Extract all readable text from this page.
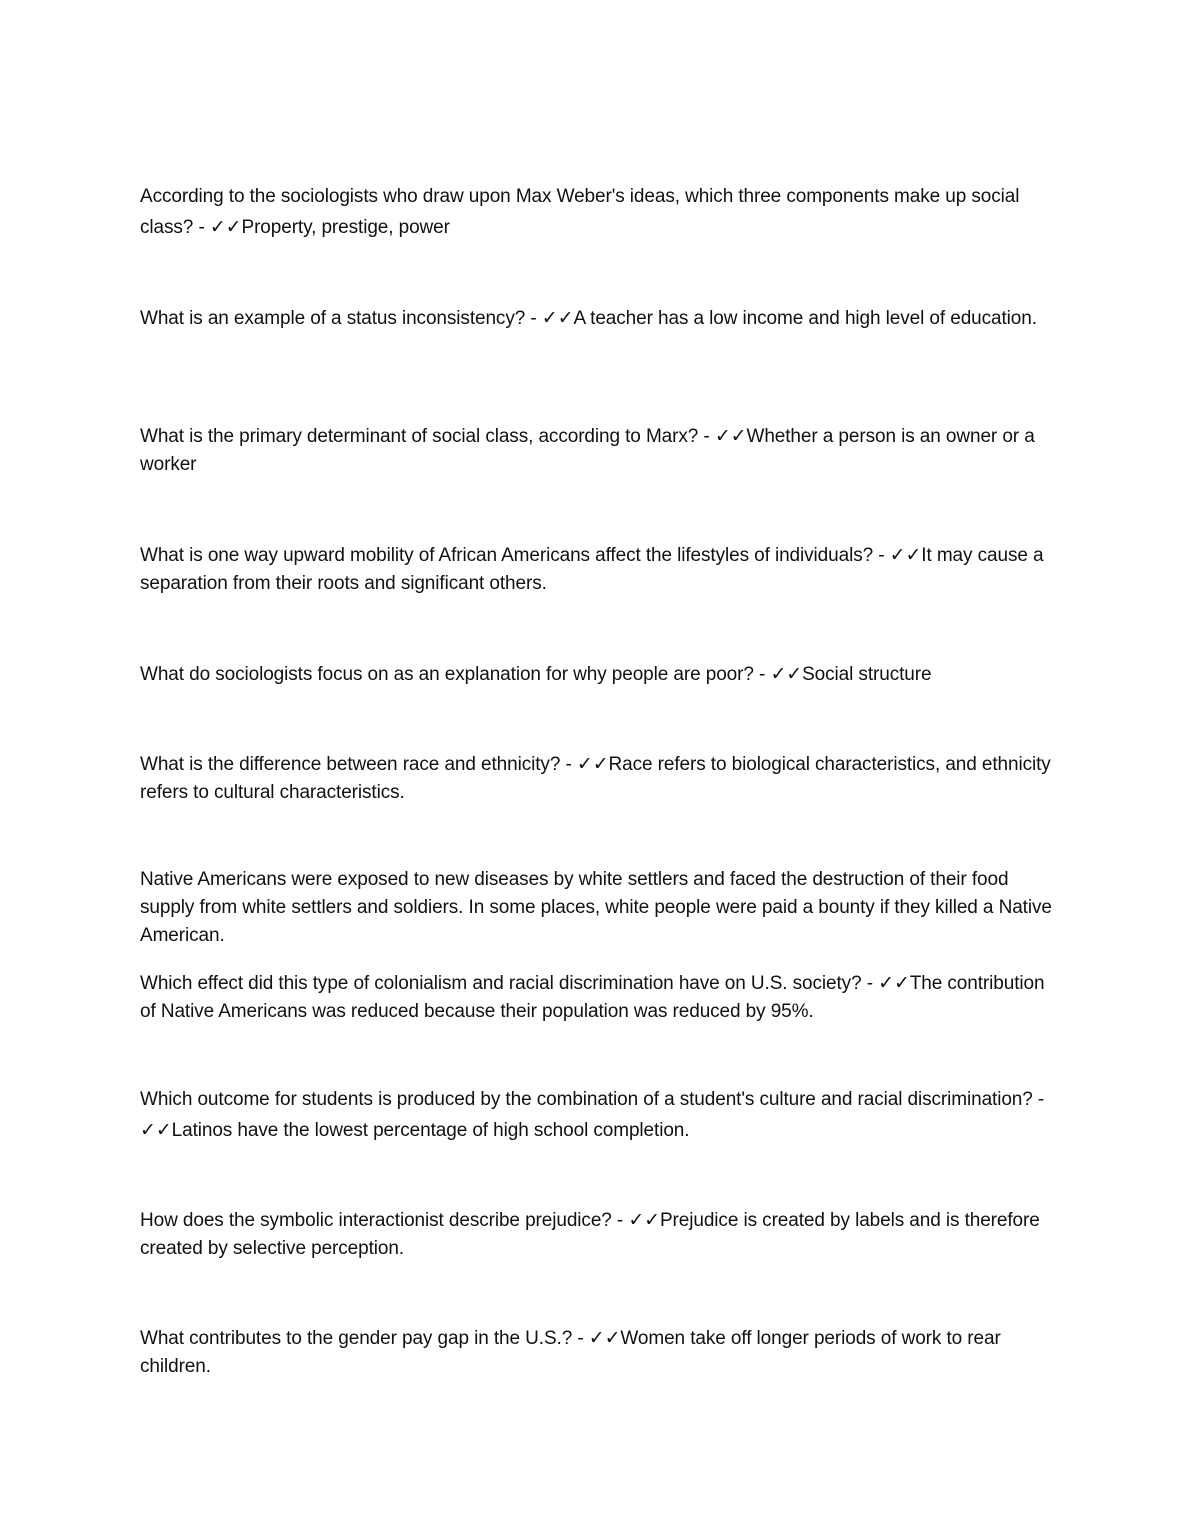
According to the sociologists who draw upon Max Weber's ideas, which three components make up social class? - ✓✓Property, prestige, power

What is an example of a status inconsistency? - ✓✓A teacher has a low income and high level of education.

What is the primary determinant of social class, according to Marx? - ✓✓Whether a person is an owner or a worker

What is one way upward mobility of African Americans affect the lifestyles of individuals? - ✓✓It may cause a separation from their roots and significant others.

What do sociologists focus on as an explanation for why people are poor? - ✓✓Social structure

What is the difference between race and ethnicity? - ✓✓Race refers to biological characteristics, and ethnicity refers to cultural characteristics.

Native Americans were exposed to new diseases by white settlers and faced the destruction of their food supply from white settlers and soldiers. In some places, white people were paid a bounty if they killed a Native American.

Which effect did this type of colonialism and racial discrimination have on U.S. society? - ✓✓The contribution of Native Americans was reduced because their population was reduced by 95%.

Which outcome for students is produced by the combination of a student's culture and racial discrimination? - ✓✓Latinos have the lowest percentage of high school completion.

How does the symbolic interactionist describe prejudice? - ✓✓Prejudice is created by labels and is therefore created by selective perception.

What contributes to the gender pay gap in the U.S.? - ✓✓Women take off longer periods of work to rear children.
